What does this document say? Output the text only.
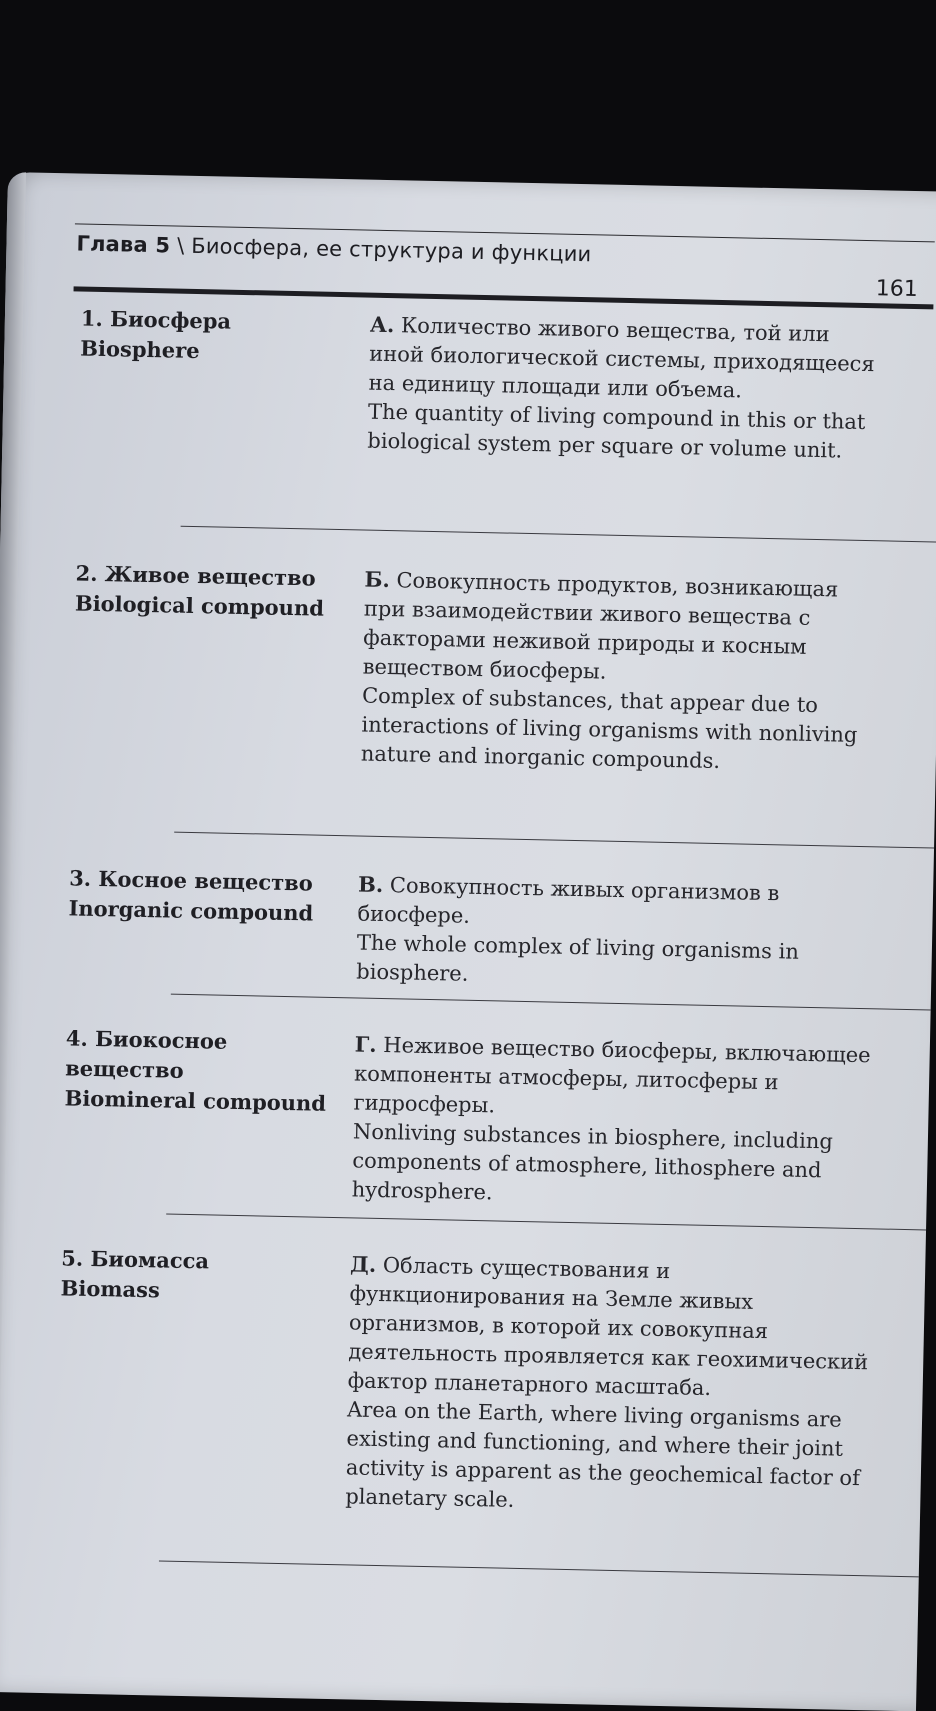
Глава 5 \ Биосфера, ее структура и функции
161
1. Биосфера
Biosphere

А. Количество живого вещества, той или иной биологической системы, приходящееся на единицу площади или объема.

The quantity of living compound in this or that biological system per square or volume unit.

2. Живое вещество
Biological compound

Б. Совокупность продуктов, возникающая при взаимодействии живого вещества с факторами неживой природы и косным веществом биосферы.

Complex of substances, that appear due to interactions of living organisms with nonliving nature and inorganic compounds.

3. Косное вещество
Inorganic compound

В. Совокупность живых организмов в биосфере.

The whole complex of living organisms in biosphere.

4. Биокосное вещество
Biomineral compound

Г. Неживое вещество биосферы, включающее компоненты атмосферы, литосферы и гидросферы.

Nonliving substances in biosphere, including components of atmosphere, lithosphere and hydrosphere.

5. Биомасса
Biomass

Д. Область существования и функционирования на Земле живых организмов, в которой их совокупная деятельность проявляется как геохимический фактор планетарного масштаба.

Area on the Earth, where living organisms are existing and functioning, and where their joint activity is apparent as the geochemical factor of planetary scale.
